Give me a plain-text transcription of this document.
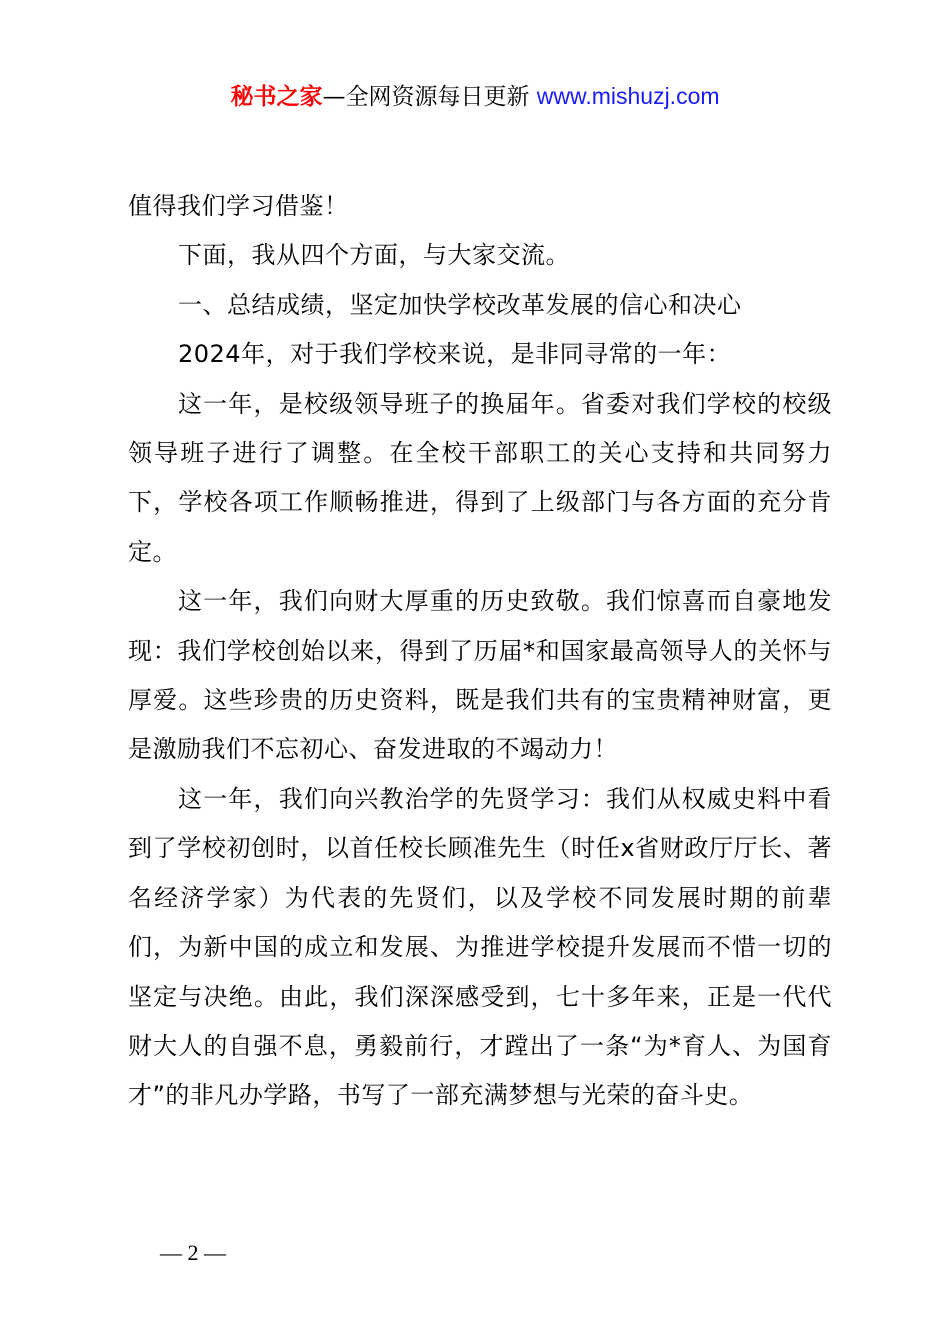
秘书之家—全网资源每日更新 www.mishuzj.com

值得我们学习借鉴！

下面，我从四个方面，与大家交流。

一、总结成绩，坚定加快学校改革发展的信心和决心

2024年，对于我们学校来说，是非同寻常的一年：

这一年，是校级领导班子的换届年。省委对我们学校的校级领导班子进行了调整。在全校干部职工的关心支持和共同努力下，学校各项工作顺畅推进，得到了上级部门与各方面的充分肯定。

这一年，我们向财大厚重的历史致敬。我们惊喜而自豪地发现：我们学校创始以来，得到了历届*和国家最高领导人的关怀与厚爱。这些珍贵的历史资料，既是我们共有的宝贵精神财富，更是激励我们不忘初心、奋发进取的不竭动力！

这一年，我们向兴教治学的先贤学习：我们从权威史料中看到了学校初创时，以首任校长顾准先生（时任x省财政厅厅长、著名经济学家）为代表的先贤们，以及学校不同发展时期的前辈们，为新中国的成立和发展、为推进学校提升发展而不惜一切的坚定与决绝。由此，我们深深感受到，七十多年来，正是一代代财大人的自强不息，勇毅前行，才蹚出了一条“为*育人、为国育才”的非凡办学路，书写了一部充满梦想与光荣的奋斗史。

— 2 —
